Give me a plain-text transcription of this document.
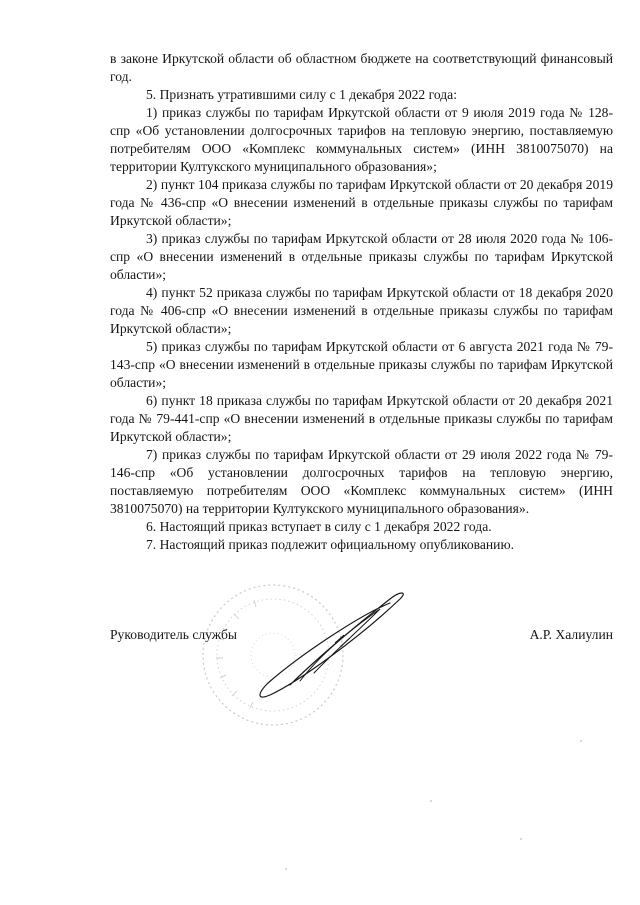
в законе Иркутской области об областном бюджете на соответствующий финансовый год.

5. Признать утратившими силу с 1 декабря 2022 года:

1) приказ службы по тарифам Иркутской области от 9 июля 2019 года № 128-спр «Об установлении долгосрочных тарифов на тепловую энергию, поставляемую потребителям ООО «Комплекс коммунальных систем» (ИНН 3810075070) на территории Култукского муниципального образования»;

2) пункт 104 приказа службы по тарифам Иркутской области от 20 декабря 2019 года № 436-спр «О внесении изменений в отдельные приказы службы по тарифам Иркутской области»;

3) приказ службы по тарифам Иркутской области от 28 июля 2020 года № 106-спр «О внесении изменений в отдельные приказы службы по тарифам Иркутской области»;

4) пункт 52 приказа службы по тарифам Иркутской области от 18 декабря 2020 года № 406-спр «О внесении изменений в отдельные приказы службы по тарифам Иркутской области»;

5) приказ службы по тарифам Иркутской области от 6 августа 2021 года № 79-143-спр «О внесении изменений в отдельные приказы службы по тарифам Иркутской области»;

6) пункт 18 приказа службы по тарифам Иркутской области от 20 декабря 2021 года № 79-441-спр «О внесении изменений в отдельные приказы службы по тарифам Иркутской области»;

7) приказ службы по тарифам Иркутской области от 29 июля 2022 года № 79-146-спр «Об установлении долгосрочных тарифов на тепловую энергию, поставляемую потребителям ООО «Комплекс коммунальных систем» (ИНН 3810075070) на территории Култукского муниципального образования».

6. Настоящий приказ вступает в силу с 1 декабря 2022 года.

7. Настоящий приказ подлежит официальному опубликованию.

Руководитель службы	А.Р. Халиулин
